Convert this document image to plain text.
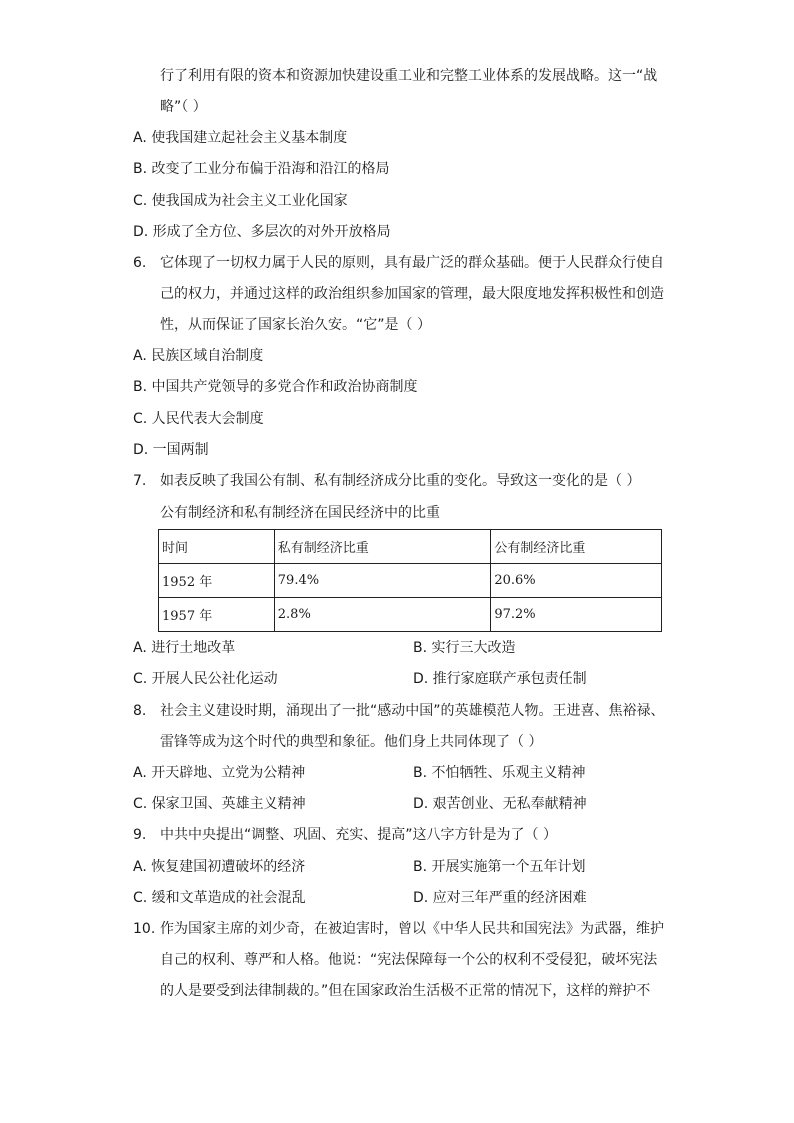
行了利用有限的资本和资源加快建设重工业和完整工业体系的发展战略。这一“战
略”（ ）
A. 使我国建立起社会主义基本制度
B. 改变了工业分布偏于沿海和沿江的格局
C. 使我国成为社会主义工业化国家
D. 形成了全方位、多层次的对外开放格局
6. 它体现了一切权力属于人民的原则，具有最广泛的群众基础。便于人民群众行使自
己的权力，并通过这样的政治组织参加国家的管理，最大限度地发挥积极性和创造
性，从而保证了国家长治久安。“它”是（ ）
A. 民族区域自治制度
B. 中国共产党领导的多党合作和政治协商制度
C. 人民代表大会制度
D. 一国两制
7. 如表反映了我国公有制、私有制经济成分比重的变化。导致这一变化的是（ ）
公有制经济和私有制经济在国民经济中的比重
时间	私有制经济比重	公有制经济比重
1952 年	79.4%	20.6%
1957 年	2.8%	97.2%
A. 进行土地改革	B. 实行三大改造
C. 开展人民公社化运动	D. 推行家庭联产承包责任制
8. 社会主义建设时期，涌现出了一批“感动中国”的英雄模范人物。王进喜、焦裕禄、
雷锋等成为这个时代的典型和象征。他们身上共同体现了（ ）
A. 开天辟地、立党为公精神	B. 不怕牺牲、乐观主义精神
C. 保家卫国、英雄主义精神	D. 艰苦创业、无私奉献精神
9. 中共中央提出“调整、巩固、充实、提高”这八字方针是为了（ ）
A. 恢复建国初遭破坏的经济	B. 开展实施第一个五年计划
C. 缓和文革造成的社会混乱	D. 应对三年严重的经济困难
10. 作为国家主席的刘少奇，在被迫害时，曾以《中华人民共和国宪法》为武器，维护
自己的权利、尊严和人格。他说：“宪法保障每一个公的权利不受侵犯，破坏宪法
的人是要受到法律制裁的。”但在国家政治生活极不正常的情况下，这样的辩护不
